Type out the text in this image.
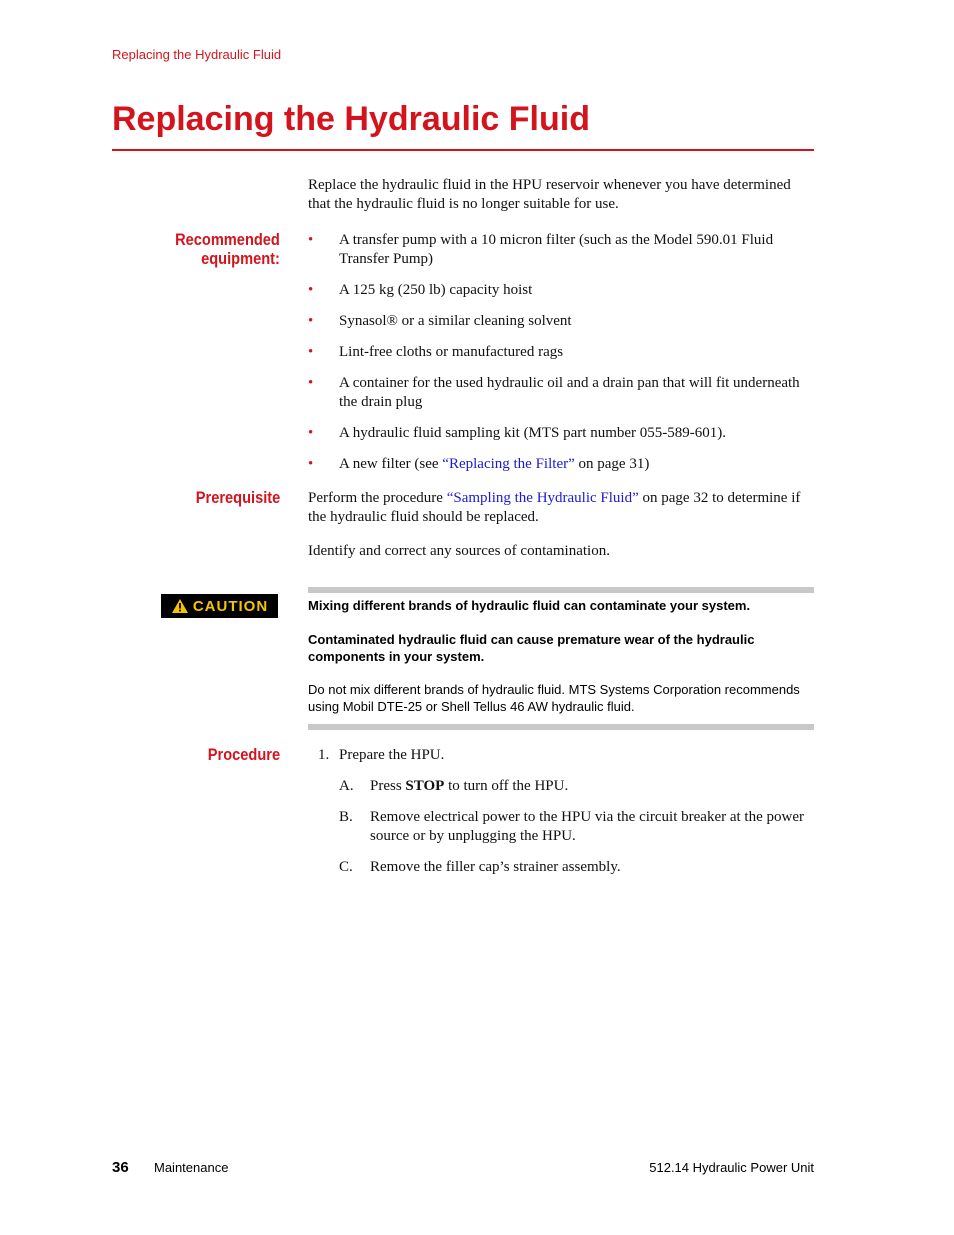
Replacing the Hydraulic Fluid
Replacing the Hydraulic Fluid
Replace the hydraulic fluid in the HPU reservoir whenever you have determined that the hydraulic fluid is no longer suitable for use.
Recommended
equipment:
• A transfer pump with a 10 micron filter (such as the Model 590.01 Fluid Transfer Pump)
• A 125 kg (250 lb) capacity hoist
• Synasol® or a similar cleaning solvent
• Lint-free cloths or manufactured rags
• A container for the used hydraulic oil and a drain pan that will fit underneath the drain plug
• A hydraulic fluid sampling kit (MTS part number 055-589-601).
• A new filter (see “Replacing the Filter” on page 31)
Prerequisite Perform the procedure “Sampling the Hydraulic Fluid” on page 32 to determine if the hydraulic fluid should be replaced.
Identify and correct any sources of contamination.
CAUTION	Mixing different brands of hydraulic fluid can contaminate your system.
Contaminated hydraulic fluid can cause premature wear of the hydraulic components in your system.
Do not mix different brands of hydraulic fluid. MTS Systems Corporation recommends using Mobil DTE-25 or Shell Tellus 46 AW hydraulic fluid.
Procedure	1. Prepare the HPU.
A. Press STOP to turn off the HPU.
B. Remove electrical power to the HPU via the circuit breaker at the power source or by unplugging the HPU.
C. Remove the filler cap’s strainer assembly.
36 Maintenance	512.14 Hydraulic Power Unit
